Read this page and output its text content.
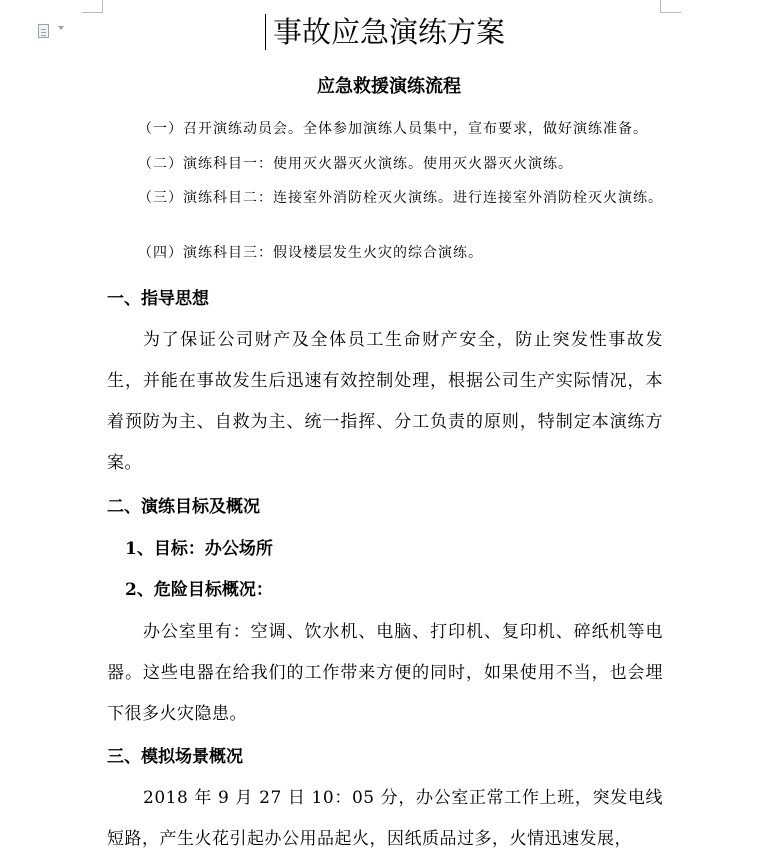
事故应急演练方案
应急救援演练流程

（一）召开演练动员会。全体参加演练人员集中，宣布要求，做好演练准备。

（二）演练科目一：使用灭火器灭火演练。使用灭火器灭火演练。

（三）演练科目二：连接室外消防栓灭火演练。进行连接室外消防栓灭火演练。

（四）演练科目三：假设楼层发生火灾的综合演练。

一、指导思想

为了保证公司财产及全体员工生命财产安全，防止突发性事故发生，并能在事故发生后迅速有效控制处理，根据公司生产实际情况，本着预防为主、自救为主、统一指挥、分工负责的原则，特制定本演练方案。

二、演练目标及概况
1、目标：办公场所
2、危险目标概况：

办公室里有：空调、饮水机、电脑、打印机、复印机、碎纸机等电器。这些电器在给我们的工作带来方便的同时，如果使用不当，也会埋下很多火灾隐患。

三、模拟场景概况

2018 年 9 月 27 日 10：05 分，办公室正常工作上班，突发电线短路，产生火花引起办公用品起火，因纸质品过多，火情迅速发展，
